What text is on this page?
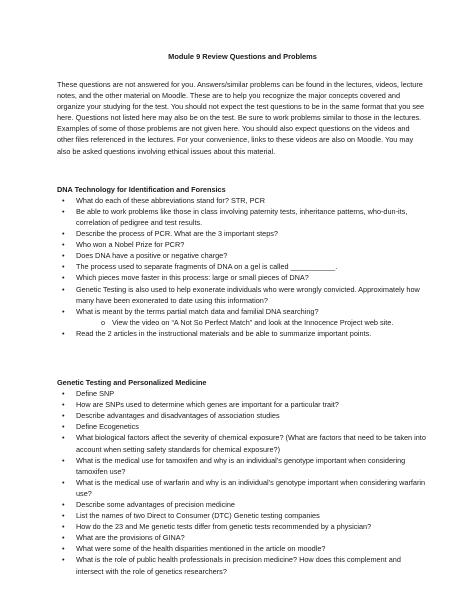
Module 9 Review Questions and Problems

These questions are not answered for you. Answers/similar problems can be found in the lectures, videos, lecture notes, and the other material on Moodle. These are to help you recognize the major concepts covered and organize your studying for the test. You should not expect the test questions to be in the same format that you see here. Questions not listed here may also be on the test. Be sure to work problems similar to those in the lectures. Examples of some of those problems are not given here. You should also expect questions on the videos and other files referenced in the lectures. For your convenience, links to these videos are also on Moodle. You may also be asked questions involving ethical issues about this material.

DNA Technology for Identification and Forensics
• What do each of these abbreviations stand for? STR, PCR
• Be able to work problems like those in class involving paternity tests, inheritance patterns, who-dun-its, correlation of pedigree and test results.
• Describe the process of PCR. What are the 3 important steps?
• Who won a Nobel Prize for PCR?
• Does DNA have a positive or negative charge?
• The process used to separate fragments of DNA on a gel is called ___________.
• Which pieces move faster in this process: large or small pieces of DNA?
• Genetic Testing is also used to help exonerate individuals who were wrongly convicted. Approximately how many have been exonerated to date using this information?
• What is meant by the terms partial match data and familial DNA searching?
o View the video on “A Not So Perfect Match” and look at the Innocence Project web site.
• Read the 2 articles in the instructional materials and be able to summarize important points.
Genetic Testing and Personalized Medicine
• Define SNP
• How are SNPs used to determine which genes are important for a particular trait?
• Describe advantages and disadvantages of association studies
• Define Ecogenetics
• What biological factors affect the severity of chemical exposure? (What are factors that need to be taken into account when setting safety standards for chemical exposure?)
• What is the medical use for tamoxifen and why is an individual’s genotype important when considering tamoxifen use?
• What is the medical use of warfarin and why is an individual’s genotype important when considering warfarin use?
• Describe some advantages of precision medicine
• List the names of two Direct to Consumer (DTC) Genetic testing companies
• How do the 23 and Me genetic tests differ from genetic tests recommended by a physician?
• What are the provisions of GINA?
• What were some of the health disparities mentioned in the article on moodle?
• What is the role of public health professionals in precision medicine? How does this complement and intersect with the role of genetics researchers?
